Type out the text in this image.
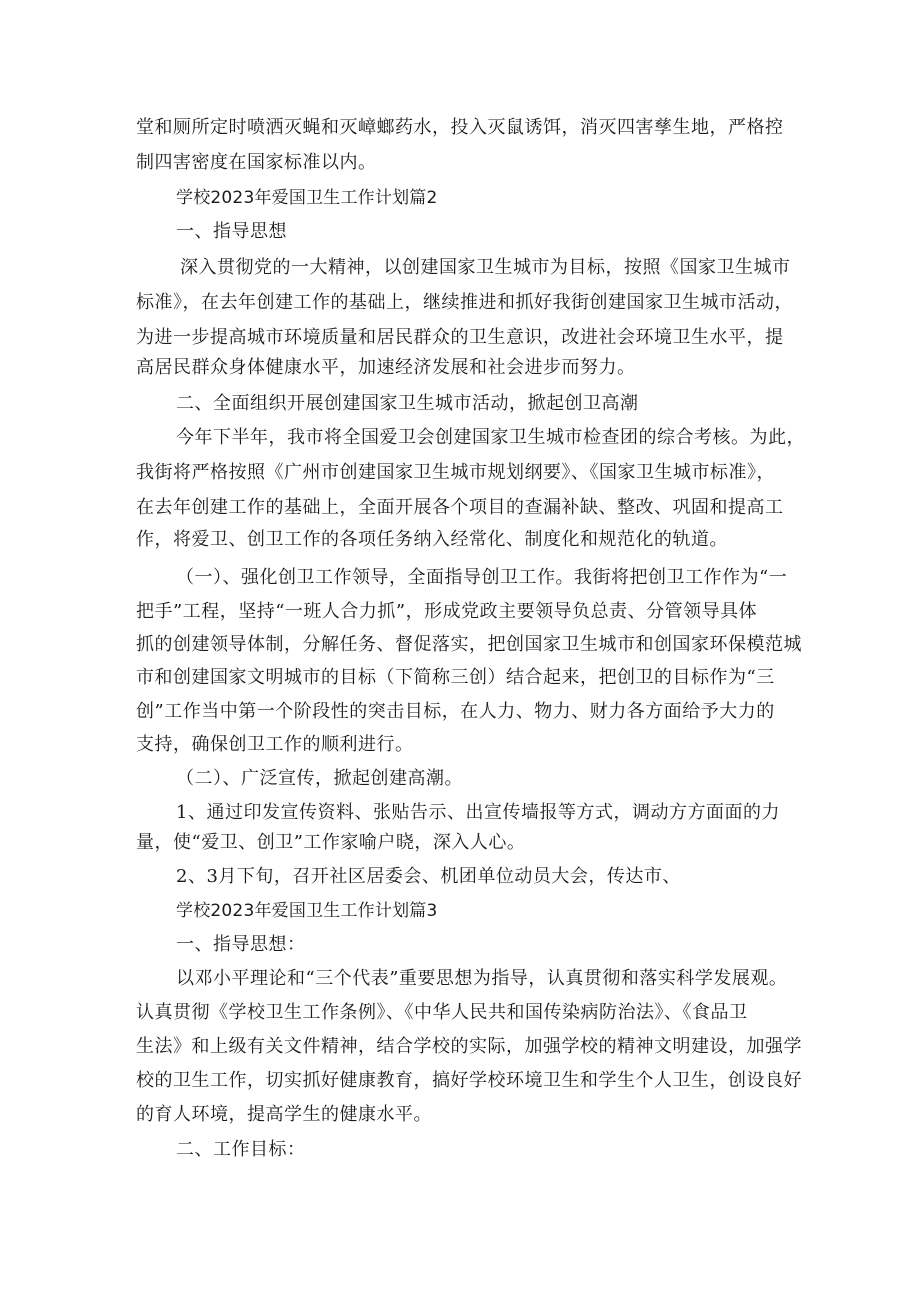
堂和厕所定时喷洒灭蝇和灭嶂螂药水，投入灭鼠诱饵，消灭四害孳生地，严格控
制四害密度在国家标准以内。
学校2023年爱国卫生工作计划篇2
一、指导思想
深入贯彻党的一大精神，以创建国家卫生城市为目标，按照《国家卫生城市
标准》，在去年创建工作的基础上，继续推进和抓好我街创建国家卫生城市活动，
为进一步提高城市环境质量和居民群众的卫生意识，改进社会环境卫生水平，提
高居民群众身体健康水平，加速经济发展和社会进步而努力。
二、全面组织开展创建国家卫生城市活动，掀起创卫高潮
今年下半年，我市将全国爱卫会创建国家卫生城市检查团的综合考核。为此，
我街将严格按照《广州市创建国家卫生城市规划纲要》、《国家卫生城市标准》，
在去年创建工作的基础上，全面开展各个项目的查漏补缺、整改、巩固和提高工
作，将爱卫、创卫工作的各项任务纳入经常化、制度化和规范化的轨道。
（一）、强化创卫工作领导，全面指导创卫工作。我街将把创卫工作作为“一
把手”工程，坚持“一班人合力抓”，形成党政主要领导负总责、分管领导具体
抓的创建领导体制，分解任务、督促落实，把创国家卫生城市和创国家环保模范城
市和创建国家文明城市的目标（下简称三创）结合起来，把创卫的目标作为“三
创”工作当中第一个阶段性的突击目标，在人力、物力、财力各方面给予大力的
支持，确保创卫工作的顺利进行。
（二）、广泛宣传，掀起创建高潮。
1、通过印发宣传资料、张贴告示、出宣传墙报等方式，调动方方面面的力
量，使“爱卫、创卫”工作家喻户晓，深入人心。
2、3月下旬，召开社区居委会、机团单位动员大会，传达市、
学校2023年爱国卫生工作计划篇3
一、指导思想：
以邓小平理论和“三个代表”重要思想为指导，认真贯彻和落实科学发展观。
认真贯彻《学校卫生工作条例》、《中华人民共和国传染病防治法》、《食品卫
生法》和上级有关文件精神，结合学校的实际，加强学校的精神文明建设，加强学
校的卫生工作，切实抓好健康教育，搞好学校环境卫生和学生个人卫生，创设良好
的育人环境，提高学生的健康水平。
二、工作目标：
